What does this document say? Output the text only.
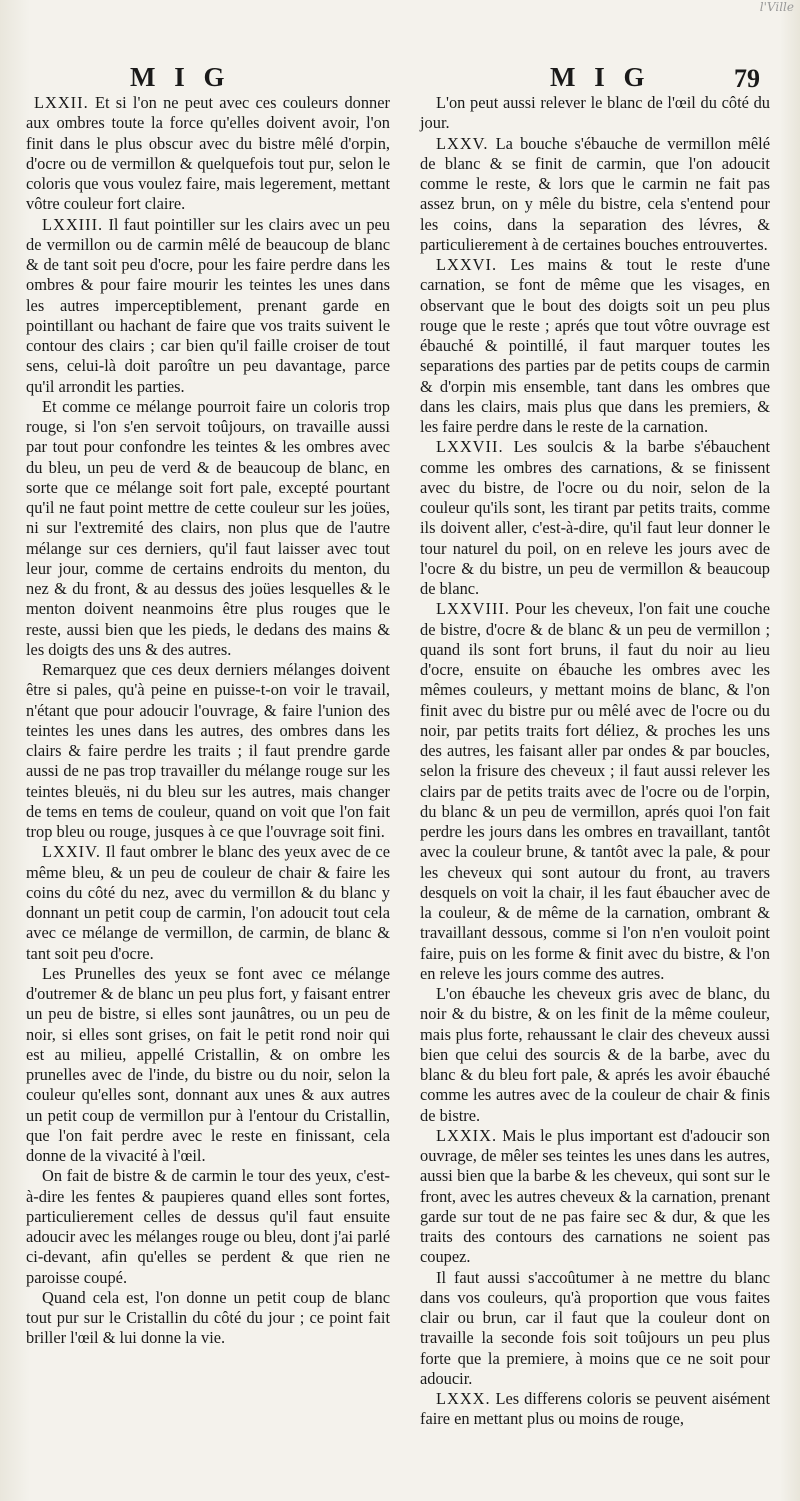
l'Ville
M I G	M I G	79

LXXII. Et si l'on ne peut avec ces couleurs donner aux ombres toute la force qu'elles doivent avoir, l'on finit dans le plus obscur avec du bistre mêlé d'orpin, d'ocre ou de vermillon & quelquefois tout pur, selon le coloris que vous voulez faire, mais legerement, mettant vôtre couleur fort claire.

LXXIII. Il faut pointiller sur les clairs avec un peu de vermillon ou de carmin mêlé de beaucoup de blanc & de tant soit peu d'ocre, pour les faire perdre dans les ombres & pour faire mourir les teintes les unes dans les autres imperceptiblement, prenant garde en pointillant ou hachant de faire que vos traits suivent le contour des clairs ; car bien qu'il faille croiser de tout sens, celui-là doit paroître un peu davantage, parce qu'il arrondit les parties.

Et comme ce mélange pourroit faire un coloris trop rouge, si l'on s'en servoit toûjours, on travaille aussi par tout pour confondre les teintes & les ombres avec du bleu, un peu de verd & de beaucoup de blanc, en sorte que ce mélange soit fort pale, excepté pourtant qu'il ne faut point mettre de cette couleur sur les joües, ni sur l'extremité des clairs, non plus que de l'autre mélange sur ces derniers, qu'il faut laisser avec tout leur jour, comme de certains endroits du menton, du nez & du front, & au dessus des joües lesquelles & le menton doivent neanmoins être plus rouges que le reste, aussi bien que les pieds, le dedans des mains & les doigts des uns & des autres.

Remarquez que ces deux derniers mélanges doivent être si pales, qu'à peine en puisse-t-on voir le travail, n'étant que pour adoucir l'ouvrage, & faire l'union des teintes les unes dans les autres, des ombres dans les clairs & faire perdre les traits ; il faut prendre garde aussi de ne pas trop travailler du mélange rouge sur les teintes bleuës, ni du bleu sur les autres, mais changer de tems en tems de couleur, quand on voit que l'on fait trop bleu ou rouge, jusques à ce que l'ouvrage soit fini.

LXXIV. Il faut ombrer le blanc des yeux avec de ce même bleu, & un peu de couleur de chair & faire les coins du côté du nez, avec du vermillon & du blanc y donnant un petit coup de carmin, l'on adoucit tout cela avec ce mélange de vermillon, de carmin, de blanc & tant soit peu d'ocre.

Les Prunelles des yeux se font avec ce mélange d'outremer & de blanc un peu plus fort, y faisant entrer un peu de bistre, si elles sont jaunâtres, ou un peu de noir, si elles sont grises, on fait le petit rond noir qui est au milieu, appellé Cristallin, & on ombre les prunelles avec de l'inde, du bistre ou du noir, selon la couleur qu'elles sont, donnant aux unes & aux autres un petit coup de vermillon pur à l'entour du Cristallin, que l'on fait perdre avec le reste en finissant, cela donne de la vivacité à l'œil.

On fait de bistre & de carmin le tour des yeux, c'est-à-dire les fentes & paupieres quand elles sont fortes, particulierement celles de dessus qu'il faut ensuite adoucir avec les mélanges rouge ou bleu, dont j'ai parlé ci-devant, afin qu'elles se perdent & que rien ne paroisse coupé.

Quand cela est, l'on donne un petit coup de blanc tout pur sur le Cristallin du côté du jour ; ce point fait briller l'œil & lui donne la vie.

L'on peut aussi relever le blanc de l'œil du côté du jour.

LXXV. La bouche s'ébauche de vermillon mêlé de blanc & se finit de carmin, que l'on adoucit comme le reste, & lors que le carmin ne fait pas assez brun, on y mêle du bistre, cela s'entend pour les coins, dans la separation des lévres, & particulierement à de certaines bouches entrouvertes.

LXXVI. Les mains & tout le reste d'une carnation, se font de même que les visages, en observant que le bout des doigts soit un peu plus rouge que le reste ; aprés que tout vôtre ouvrage est ébauché & pointillé, il faut marquer toutes les separations des parties par de petits coups de carmin & d'orpin mis ensemble, tant dans les ombres que dans les clairs, mais plus que dans les premiers, & les faire perdre dans le reste de la carnation.

LXXVII. Les soulcis & la barbe s'ébauchent comme les ombres des carnations, & se finissent avec du bistre, de l'ocre ou du noir, selon de la couleur qu'ils sont, les tirant par petits traits, comme ils doivent aller, c'est-à-dire, qu'il faut leur donner le tour naturel du poil, on en releve les jours avec de l'ocre & du bistre, un peu de vermillon & beaucoup de blanc.

LXXVIII. Pour les cheveux, l'on fait une couche de bistre, d'ocre & de blanc & un peu de vermillon ; quand ils sont fort bruns, il faut du noir au lieu d'ocre, ensuite on ébauche les ombres avec les mêmes couleurs, y mettant moins de blanc, & l'on finit avec du bistre pur ou mêlé avec de l'ocre ou du noir, par petits traits fort déliez, & proches les uns des autres, les faisant aller par ondes & par boucles, selon la frisure des cheveux ; il faut aussi relever les clairs par de petits traits avec de l'ocre ou de l'orpin, du blanc & un peu de vermillon, aprés quoi l'on fait perdre les jours dans les ombres en travaillant, tantôt avec la couleur brune, & tantôt avec la pale, & pour les cheveux qui sont autour du front, au travers desquels on voit la chair, il les faut ébaucher avec de la couleur, & de même de la carnation, ombrant & travaillant dessous, comme si l'on n'en vouloit point faire, puis on les forme & finit avec du bistre, & l'on en releve les jours comme des autres.

L'on ébauche les cheveux gris avec de blanc, du noir & du bistre, & on les finit de la même couleur, mais plus forte, rehaussant le clair des cheveux aussi bien que celui des sourcis & de la barbe, avec du blanc & du bleu fort pale, & aprés les avoir ébauché comme les autres avec de la couleur de chair & finis de bistre.

LXXIX. Mais le plus important est d'adoucir son ouvrage, de mêler ses teintes les unes dans les autres, aussi bien que la barbe & les cheveux, qui sont sur le front, avec les autres cheveux & la carnation, prenant garde sur tout de ne pas faire sec & dur, & que les traits des contours des carnations ne soient pas coupez.

Il faut aussi s'accoûtumer à ne mettre du blanc dans vos couleurs, qu'à proportion que vous faites clair ou brun, car il faut que la couleur dont on travaille la seconde fois soit toûjours un peu plus forte que la premiere, à moins que ce ne soit pour adoucir.

LXXX. Les differens coloris se peuvent aisément faire en mettant plus ou moins de rouge,
